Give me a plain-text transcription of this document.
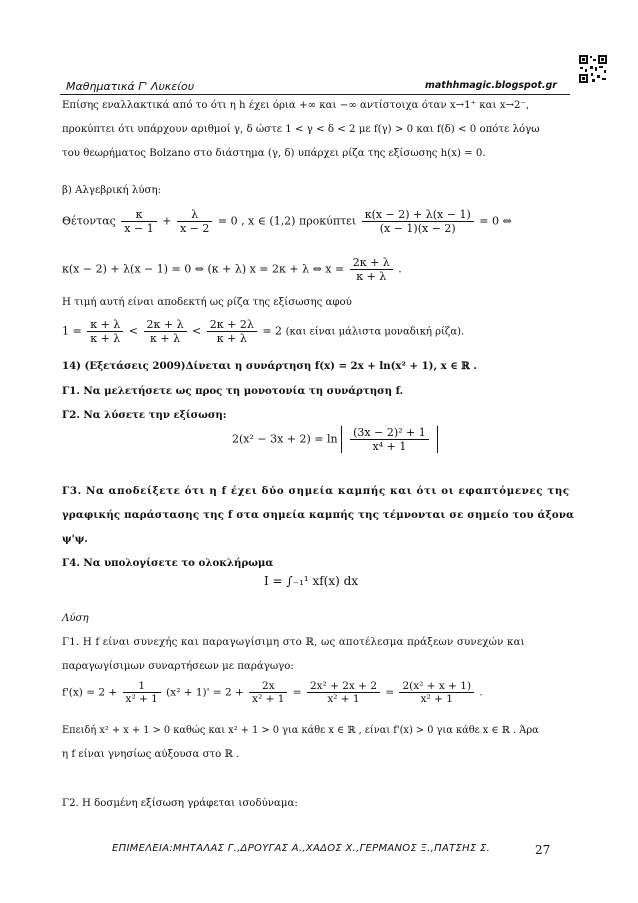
Μαθηματικά Γ' Λυκείου	mathhmagic.blogspot.gr
Επίσης εναλλακτικά από το ότι η h έχει όρια +∞ και −∞ αντίστοιχα όταν x→1⁺ και x→2⁻,
προκύπτει ότι υπάρχουν αριθμοί γ, δ ώστε 1 < γ < δ < 2 με f(γ) > 0 και f(δ) < 0 οπότε λόγω
του θεωρήματος Bolzano στο διάστημα (γ, δ) υπάρχει ρίζα της εξίσωσης h(x) = 0.
β) Αλγεβρική λύση:
Θέτοντας $\frac{\kappa}{x - 1} + \frac{\lambda}{x - 2} = 0$ , x ∈ (1,2) προκύπτει $\frac{\kappa(x - 2) + \lambda(x - 1)}{(x - 1)(x - 2)} = 0$ ⇔
κ(x − 2) + λ(x − 1) = 0 ⇔ (κ + λ) x = 2κ + λ ⇔ $x = \frac{2\kappa + \lambda}{\kappa + \lambda}$ .
Η τιμή αυτή είναι αποδεκτή ως ρίζα της εξίσωσης αφού
$1 = \frac{\kappa + \lambda}{\kappa + \lambda} < \frac{2\kappa + \lambda}{\kappa + \lambda} < \frac{2\kappa + 2\lambda}{\kappa + \lambda} = 2$ (και είναι μάλιστα μοναδική ρίζα).
14) (Εξετάσεις 2009)Δίνεται η συνάρτηση f(x) = 2x + ln(x² + 1), x ∈ ℝ .
Γ1. Να μελετήσετε ως προς τη μονοτονία τη συνάρτηση f.
Γ2. Να λύσετε την εξίσωση:
$2(x^2 - 3x + 2) = \ln \frac{\text{(3x − 2)² + 1}}{\text{x⁴ + 1}}$
Γ3. Να αποδείξετε ότι η f έχει δύο σημεία καμπής και ότι οι εφαπτόμενες της
γραφικής παράστασης της f στα σημεία καμπής της τέμνονται σε σημείο του άξονα
ψ'ψ.
Γ4. Να υπολογίσετε το ολοκλήρωμα
I = ∫₋₁¹ xf(x) dx
Λύση
Γ1. Η f είναι συνεχής και παραγωγίσιμη στο ℝ, ως αποτέλεσμα πράξεων συνεχών και
παραγωγίσιμων συναρτήσεων με παράγωγο:
$f'(x) = 2 + \frac{1}{\text{x² + 1}} (x^2 + 1)' = 2 + \frac{2x}{\text{x² + 1}} = \frac{\text{2x² + 2x + 2}}{\text{x² + 1}} = \frac{\text{2(x² + x + 1)}}{\text{x² + 1}}$ .
Επειδή x² + x + 1 > 0 καθώς και x² + 1 > 0 για κάθε x ∈ ℝ , είναι f'(x) > 0 για κάθε x ∈ ℝ . Άρα
η f είναι γνησίως αύξουσα στο ℝ .
Γ2. Η δοσμένη εξίσωση γράφεται ισοδύναμα:
ΕΠΙΜΕΛΕΙΑ:ΜΗΤΑΛΑΣ Γ.,ΔΡΟΥΓΑΣ Α.,ΧΑΔΟΣ Χ.,ΓΕΡΜΑΝΟΣ Ξ.,ΠΑΤΣΗΣ Σ.	27
